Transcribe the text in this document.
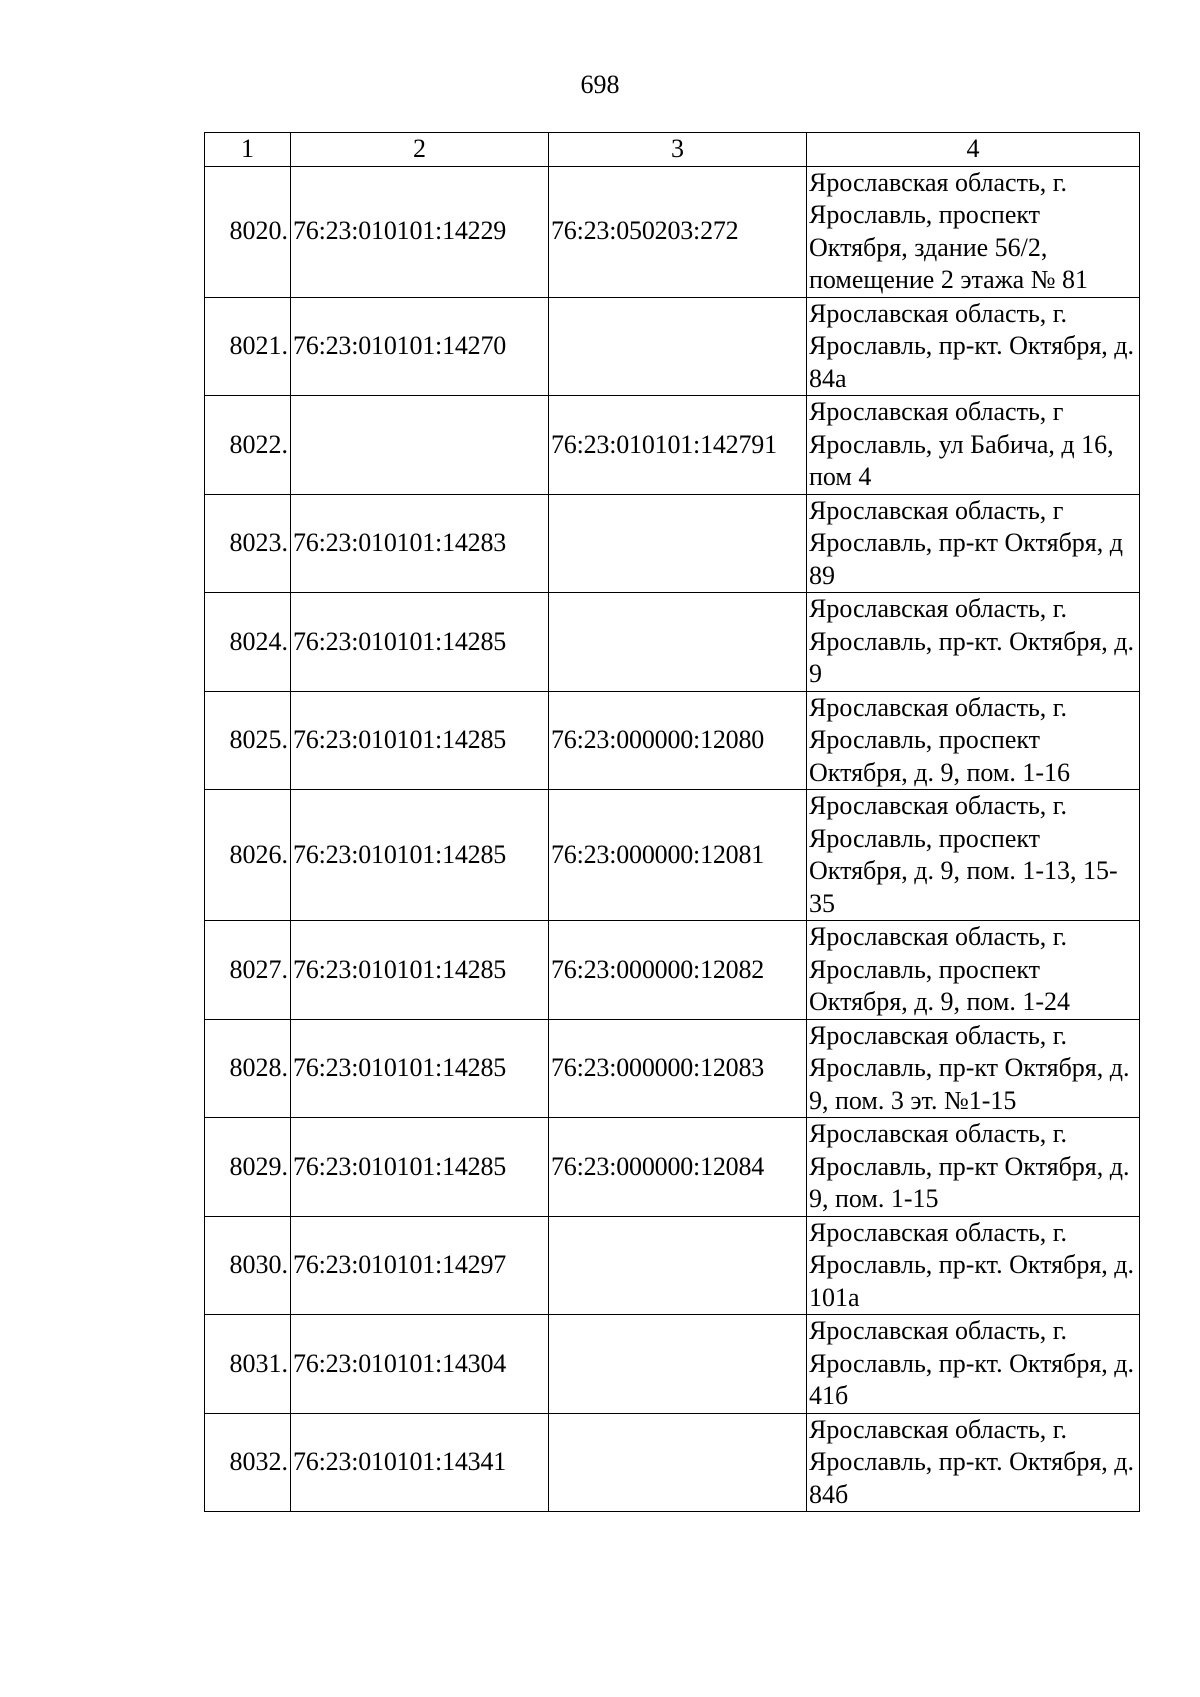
698
1	2	3	4
8020.	76:23:010101:14229	76:23:050203:272	Ярославская область, г. Ярославль, проспект Октября, здание 56/2, помещение 2 этажа № 81
8021.	76:23:010101:14270		Ярославская область, г. Ярославль, пр-кт. Октября, д. 84а
8022.		76:23:010101:142791	Ярославская область, г Ярославль, ул Бабича, д 16, пом 4
8023.	76:23:010101:14283		Ярославская область, г Ярославль, пр-кт Октября, д 89
8024.	76:23:010101:14285		Ярославская область, г. Ярославль, пр-кт. Октября, д. 9
8025.	76:23:010101:14285	76:23:000000:12080	Ярославская область, г. Ярославль, проспект Октября, д. 9, пом. 1-16
8026.	76:23:010101:14285	76:23:000000:12081	Ярославская область, г. Ярославль, проспект Октября, д. 9, пом. 1-13, 15-35
8027.	76:23:010101:14285	76:23:000000:12082	Ярославская область, г. Ярославль, проспект Октября, д. 9, пом. 1-24
8028.	76:23:010101:14285	76:23:000000:12083	Ярославская область, г. Ярославль, пр-кт Октября, д. 9, пом. 3 эт. №1-15
8029.	76:23:010101:14285	76:23:000000:12084	Ярославская область, г. Ярославль, пр-кт Октября, д. 9, пом. 1-15
8030.	76:23:010101:14297		Ярославская область, г. Ярославль, пр-кт. Октября, д. 101а
8031.	76:23:010101:14304		Ярославская область, г. Ярославль, пр-кт. Октября, д. 41б
8032.	76:23:010101:14341		Ярославская область, г. Ярославль, пр-кт. Октября, д. 84б
